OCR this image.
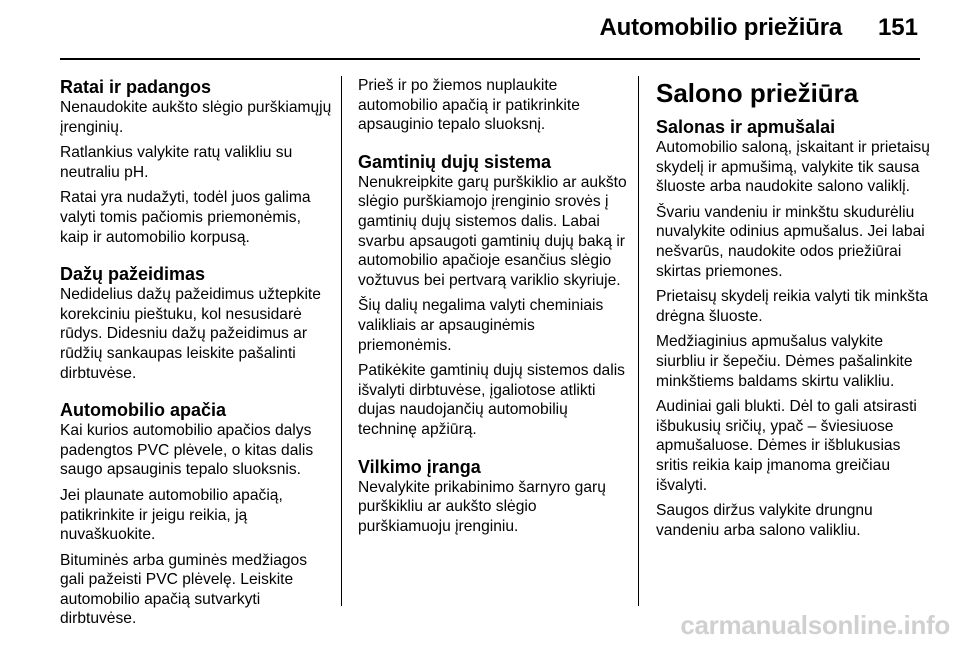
Automobilio priežiūra 151
Ratai ir padangos

Nenaudokite aukšto slėgio purškiamųjų įrenginių.

Ratlankius valykite ratų valikliu su neutraliu pH.

Ratai yra nudažyti, todėl juos galima valyti tomis pačiomis priemonėmis, kaip ir automobilio korpusą.

Dažų pažeidimas

Nedidelius dažų pažeidimus užtepkite korekciniu pieštuku, kol nesusidarė rūdys. Didesniu dažų pažeidimus ar rūdžių sankaupas leiskite pašalinti dirbtuvėse.

Automobilio apačia

Kai kurios automobilio apačios dalys padengtos PVC plėvele, o kitas dalis saugo apsauginis tepalo sluoksnis.

Jei plaunate automobilio apačią, patikrinkite ir jeigu reikia, ją nuvaškuokite.

Bituminės arba guminės medžiagos gali pažeisti PVC plėvelę. Leiskite automobilio apačią sutvarkyti dirbtuvėse.

Prieš ir po žiemos nuplaukite automobilio apačią ir patikrinkite apsauginio tepalo sluoksnį.

Gamtinių dujų sistema

Nenukreipkite garų purškiklio ar aukšto slėgio purškiamojo įrenginio srovės į gamtinių dujų sistemos dalis. Labai svarbu apsaugoti gamtinių dujų baką ir automobilio apačioje esančius slėgio vožtuvus bei pertvarą variklio skyriuje.

Šių dalių negalima valyti cheminiais valikliais ar apsauginėmis priemonėmis.

Patikėkite gamtinių dujų sistemos dalis išvalyti dirbtuvėse, įgaliotose atlikti dujas naudojančių automobilių techninę apžiūrą.

Vilkimo įranga

Nevalykite prikabinimo šarnyro garų purškikliu ar aukšto slėgio purškiamuoju įrenginiu.

Salono priežiūra
Salonas ir apmušalai

Automobilio saloną, įskaitant ir prietaisų skydelį ir apmušimą, valykite tik sausa šluoste arba naudokite salono valiklį.

Švariu vandeniu ir minkštu skudurėliu nuvalykite odinius apmušalus. Jei labai nešvarūs, naudokite odos priežiūrai skirtas priemones.

Prietaisų skydelį reikia valyti tik minkšta drėgna šluoste.

Medžiaginius apmušalus valykite siurbliu ir šepečiu. Dėmes pašalinkite minkštiems baldams skirtu valikliu.

Audiniai gali blukti. Dėl to gali atsirasti išbukusių sričių, ypač – šviesiuose apmušaluose. Dėmes ir išblukusias sritis reikia kaip įmanoma greičiau išvalyti.

Saugos diržus valykite drungnu vandeniu arba salono valikliu.

carmanualsonline.info
